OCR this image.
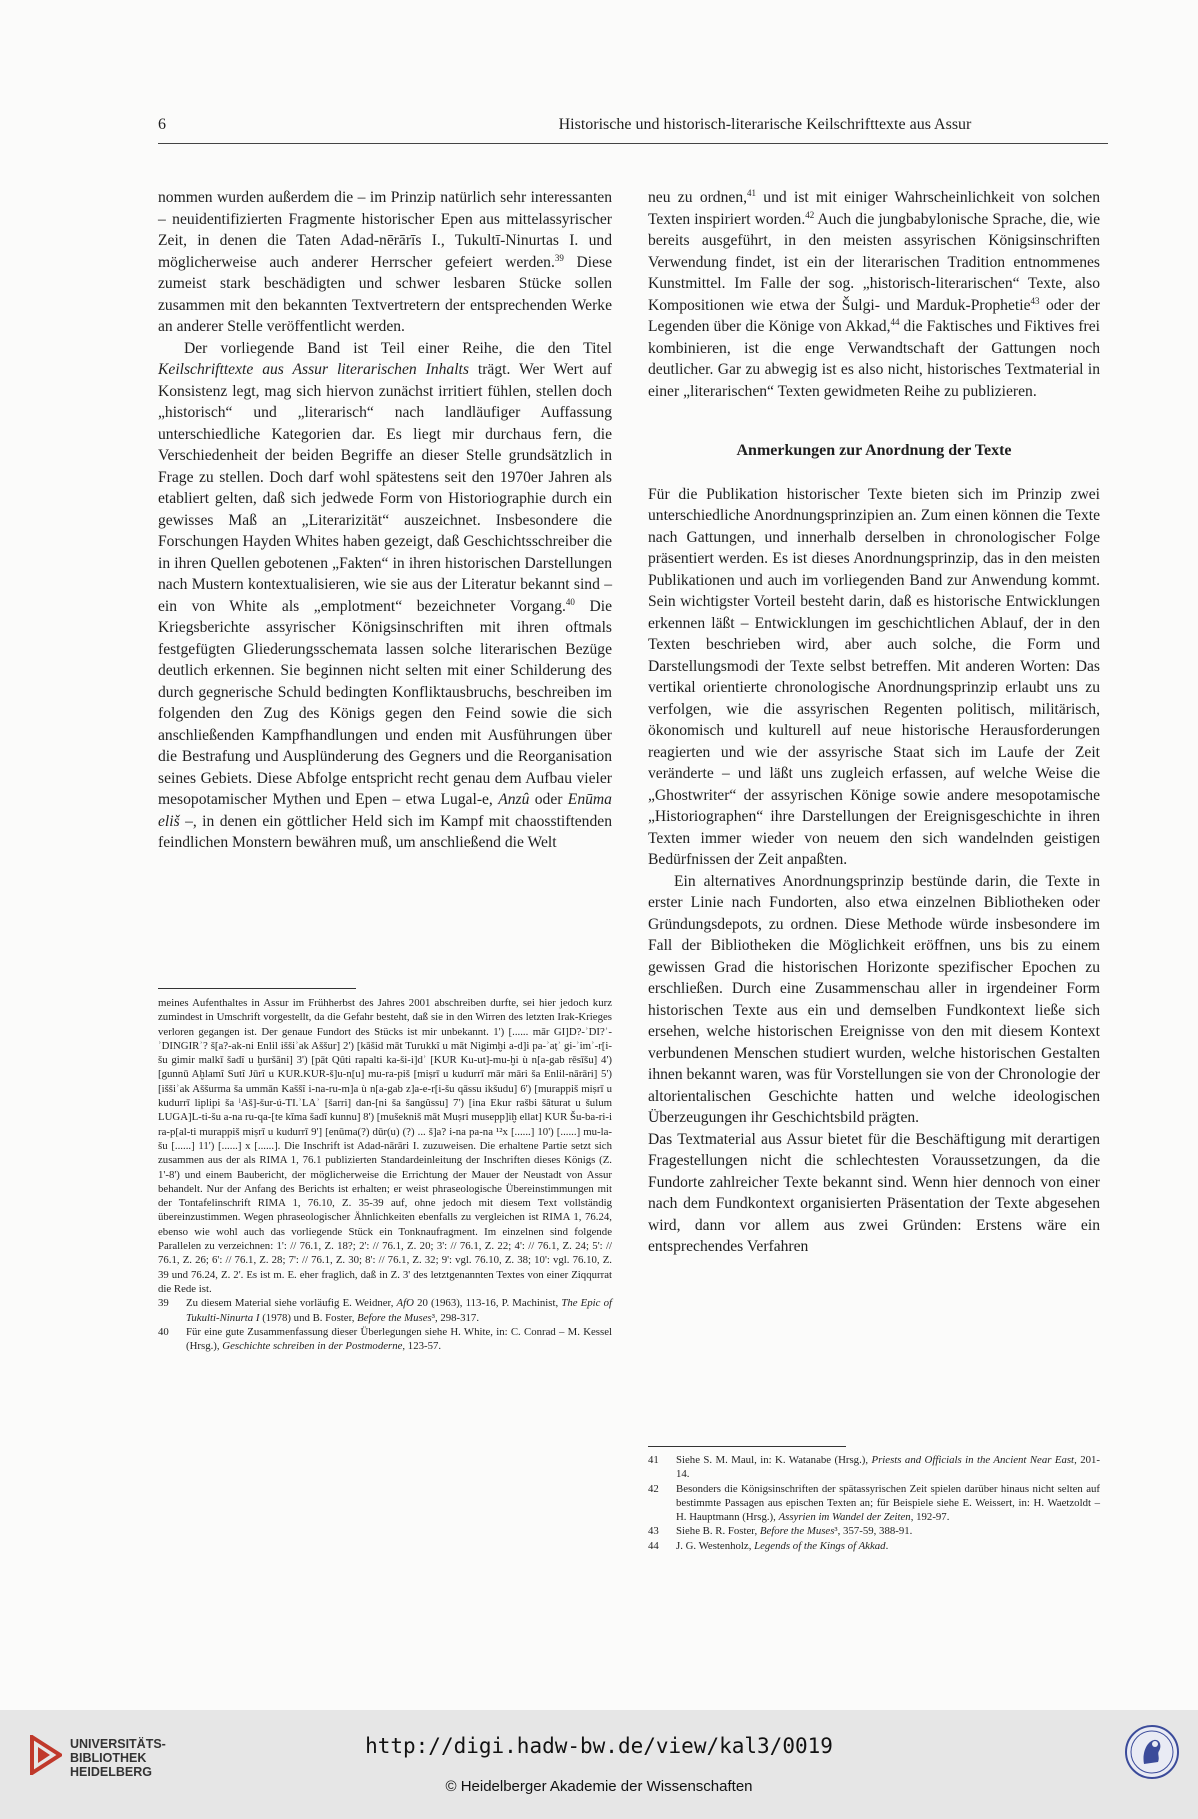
6	Historische und historisch-literarische Keilschrifttexte aus Assur

nommen wurden außerdem die – im Prinzip natürlich sehr interessanten – neuidentifizierten Fragmente historischer Epen aus mittelassyrischer Zeit, in denen die Taten Adad-nērārīs I., Tukultī-Ninurtas I. und möglicherweise auch anderer Herrscher gefeiert werden.$^{39}$ Diese zumeist stark beschädigten und schwer lesbaren Stücke sollen zusammen mit den bekannten Textvertretern der entsprechenden Werke an anderer Stelle veröffentlicht werden.

Der vorliegende Band ist Teil einer Reihe, die den Titel Keilschrifttexte aus Assur literarischen Inhalts trägt. Wer Wert auf Konsistenz legt, mag sich hiervon zunächst irritiert fühlen, stellen doch „historisch“ und „literarisch“ nach landläufiger Auffassung unterschiedliche Kategorien dar. Es liegt mir durchaus fern, die Verschiedenheit der beiden Begriffe an dieser Stelle grundsätzlich in Frage zu stellen. Doch darf wohl spätestens seit den 1970er Jahren als etabliert gelten, daß sich jedwede Form von Historiographie durch ein gewisses Maß an „Literarizität“ auszeichnet. Insbesondere die Forschungen Hayden Whites haben gezeigt, daß Geschichtsschreiber die in ihren Quellen gebotenen „Fakten“ in ihren historischen Darstellungen nach Mustern kontextualisieren, wie sie aus der Literatur bekannt sind – ein von White als „emplotment“ bezeichneter Vorgang.$^{40}$ Die Kriegsberichte assyrischer Königsinschriften mit ihren oftmals festgefügten Gliederungsschemata lassen solche literarischen Bezüge deutlich erkennen. Sie beginnen nicht selten mit einer Schilderung des durch gegnerische Schuld bedingten Konfliktausbruchs, beschreiben im folgenden den Zug des Königs gegen den Feind sowie die sich anschließenden Kampfhandlungen und enden mit Ausführungen über die Bestrafung und Ausplünderung des Gegners und die Reorganisation seines Gebiets. Diese Abfolge entspricht recht genau dem Aufbau vieler mesopotamischer Mythen und Epen – etwa Lugal-e, Anzû oder Enūma eliš –, in denen ein göttlicher Held sich im Kampf mit chaosstiftenden feindlichen Monstern bewähren muß, um anschließend die Welt

meines Aufenthaltes in Assur im Frühherbst des Jahres 2001 abschreiben durfte, sei hier jedoch kurz zumindest in Umschrift vorgestellt, da die Gefahr besteht, daß sie in den Wirren des letzten Irak-Krieges verloren gegangen ist. Der genaue Fundort des Stücks ist mir unbekannt. 1') [...... mār GI]D?-ʾDI?ʾ-ʾDINGIRʾ? š[a?-ak-ni Enlil iššiʾak Aššur] 2') [kāšid māt Turukkî u māt Nigimḫi a-d]i pa-ʾaṭʾ gi-ʾimʾ-r[i-šu gimir malkī šadî u ḫuršāni] 3') [pāt Qûti rapalti ka-ši-i]dʾ [KUR Ku-ut]-mu-ḫi ù n[a-gab rēsīšu] 4') [gunnū Aḫlamî Sutî Jūrî u KUR.KUR-š]u-n[u] mu-ra-piš [miṣrī u kudurrī mār māri ša Enlil-nārāri] 5') [iššiʾak Aššurma ša ummān Kaššî i-na-ru-m]a ù n[a-gab z]a-e-r[i-šu qāssu ikšudu] 6') [murappiš miṣrī u kudurrī liplipi ša ˡAš]-šur-ú-TI.ʾLAʾ [šarri] dan-[ni ša šangûssu] 7') [ina Ekur rašbi šâturat u šulum LUGA]L-ti-šu a-na ru-qa-[te kīma šadî kunnu] 8') [mušekniš māt Muṣri musepp]iḫ ellat] KUR Šu-ba-ri-i ra-p[al-ti murappiš miṣrī u kudurrī 9'] [enūma(?) dūr(u) (?) ... š]a? i-na pa-na ¹²x [......] 10') [......] mu-la-šu [......] 11') [......] x [......]. Die Inschrift ist Adad-nārāri I. zuzuweisen. Die erhaltene Partie setzt sich zusammen aus der als RIMA 1, 76.1 publizierten Standardeinleitung der Inschriften dieses Königs (Z. 1'-8') und einem Baubericht, der möglicherweise die Errichtung der Mauer der Neustadt von Assur behandelt. Nur der Anfang des Berichts ist erhalten; er weist phraseologische Übereinstimmungen mit der Tontafelinschrift RIMA 1, 76.10, Z. 35-39 auf, ohne jedoch mit diesem Text vollständig übereinzustimmen. Wegen phraseologischer Ähnlichkeiten ebenfalls zu vergleichen ist RIMA 1, 76.24, ebenso wie wohl auch das vorliegende Stück ein Tonknaufragment. Im einzelnen sind folgende Parallelen zu verzeichnen: 1': // 76.1, Z. 18?; 2': // 76.1, Z. 20; 3': // 76.1, Z. 22; 4': // 76.1, Z. 24; 5': // 76.1, Z. 26; 6': // 76.1, Z. 28; 7': // 76.1, Z. 30; 8': // 76.1, Z. 32; 9': vgl. 76.10, Z. 38; 10': vgl. 76.10, Z. 39 und 76.24, Z. 2'. Es ist m. E. eher fraglich, daß in Z. 3' des letztgenannten Textes von einer Ziqqurrat die Rede ist.

39	Zu diesem Material siehe vorläufig E. Weidner, AfO 20 (1963), 113-16, P. Machinist, The Epic of Tukulti-Ninurta I (1978) und B. Foster, Before the Muses³, 298-317.
40	Für eine gute Zusammenfassung dieser Überlegungen siehe H. White, in: C. Conrad – M. Kessel (Hrsg.), Geschichte schreiben in der Postmoderne, 123-57.

neu zu ordnen,$^{41}$ und ist mit einiger Wahrscheinlichkeit von solchen Texten inspiriert worden.$^{42}$ Auch die jungbabylonische Sprache, die, wie bereits ausgeführt, in den meisten assyrischen Königsinschriften Verwendung findet, ist ein der literarischen Tradition entnommenes Kunstmittel. Im Falle der sog. „historisch-literarischen“ Texte, also Kompositionen wie etwa der Šulgi- und Marduk-Prophetie$^{43}$ oder der Legenden über die Könige von Akkad,$^{44}$ die Faktisches und Fiktives frei kombinieren, ist die enge Verwandtschaft der Gattungen noch deutlicher. Gar zu abwegig ist es also nicht, historisches Textmaterial in einer „literarischen“ Texten gewidmeten Reihe zu publizieren.

Anmerkungen zur Anordnung der Texte

Für die Publikation historischer Texte bieten sich im Prinzip zwei unterschiedliche Anordnungsprinzipien an. Zum einen können die Texte nach Gattungen, und innerhalb derselben in chronologischer Folge präsentiert werden. Es ist dieses Anordnungsprinzip, das in den meisten Publikationen und auch im vorliegenden Band zur Anwendung kommt. Sein wichtigster Vorteil besteht darin, daß es historische Entwicklungen erkennen läßt – Entwicklungen im geschichtlichen Ablauf, der in den Texten beschrieben wird, aber auch solche, die Form und Darstellungsmodi der Texte selbst betreffen. Mit anderen Worten: Das vertikal orientierte chronologische Anordnungsprinzip erlaubt uns zu verfolgen, wie die assyrischen Regenten politisch, militärisch, ökonomisch und kulturell auf neue historische Herausforderungen reagierten und wie der assyrische Staat sich im Laufe der Zeit veränderte – und läßt uns zugleich erfassen, auf welche Weise die „Ghostwriter“ der assyrischen Könige sowie andere mesopotamische „Historiographen“ ihre Darstellungen der Ereignisgeschichte in ihren Texten immer wieder von neuem den sich wandelnden geistigen Bedürfnissen der Zeit anpaßten.

Ein alternatives Anordnungsprinzip bestünde darin, die Texte in erster Linie nach Fundorten, also etwa einzelnen Bibliotheken oder Gründungsdepots, zu ordnen. Diese Methode würde insbesondere im Fall der Bibliotheken die Möglichkeit eröffnen, uns bis zu einem gewissen Grad die historischen Horizonte spezifischer Epochen zu erschließen. Durch eine Zusammenschau aller in irgendeiner Form historischen Texte aus ein und demselben Fundkontext ließe sich ersehen, welche historischen Ereignisse von den mit diesem Kontext verbundenen Menschen studiert wurden, welche historischen Gestalten ihnen bekannt waren, was für Vorstellungen sie von der Chronologie der altorientalischen Geschichte hatten und welche ideologischen Überzeugungen ihr Geschichtsbild prägten.

Das Textmaterial aus Assur bietet für die Beschäftigung mit derartigen Fragestellungen nicht die schlechtesten Voraussetzungen, da die Fundorte zahlreicher Texte bekannt sind. Wenn hier dennoch von einer nach dem Fundkontext organisierten Präsentation der Texte abgesehen wird, dann vor allem aus zwei Gründen: Erstens wäre ein entsprechendes Verfahren

41	Siehe S. M. Maul, in: K. Watanabe (Hrsg.), Priests and Officials in the Ancient Near East, 201-14.
42	Besonders die Königsinschriften der spätassyrischen Zeit spielen darüber hinaus nicht selten auf bestimmte Passagen aus epischen Texten an; für Beispiele siehe E. Weissert, in: H. Waetzoldt – H. Hauptmann (Hrsg.), Assyrien im Wandel der Zeiten, 192-97.
43	Siehe B. R. Foster, Before the Muses³, 357-59, 388-91.
44	J. G. Westenholz, Legends of the Kings of Akkad.
UNIVERSITÄTS-
BIBLIOTHEK
HEIDELBERG
http://digi.hadw-bw.de/view/kal3/0019
© Heidelberger Akademie der Wissenschaften
